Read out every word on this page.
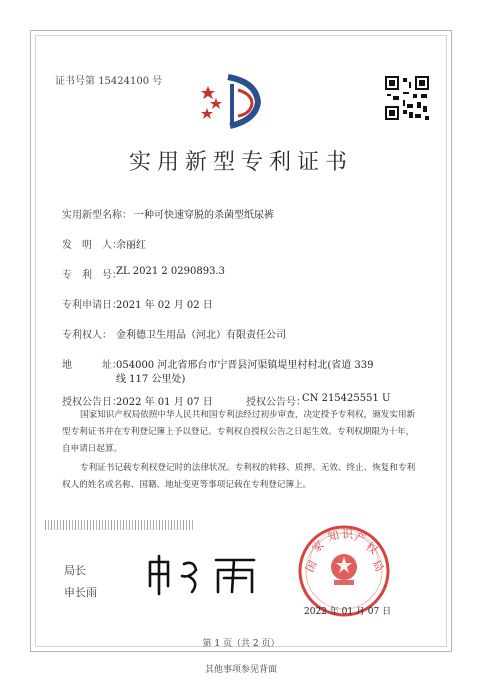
证书号第 15424100 号
实用新型专利证书
实用新型名称： 一种可快速穿脱的杀菌型纸尿裤
发　明　人：
余丽红
专　利　号：
ZL 2021 2 0290893.3
专利申请日：
2021 年 02 月 02 日
专利权人： 金利德卫生用品（河北）有限责任公司
地　　　址：
054000 河北省邢台市宁晋县河渠镇堤里村村北(省道 339
线 117 公里处)
授权公告日：
2022 年 01 月 07 日	授权公告号：
CN 215425551 U
国家知识产权局依照中华人民共和国专利法经过初步审查，决定授予专利权，颁发实用新型专利证书并在专利登记簿上予以登记。专利权自授权公告之日起生效。专利权期限为十年，自申请日起算。
专利证书记载专利权登记时的法律状况。专利权的转移、质押、无效、终止、恢复和专利权人的姓名或名称、国籍、地址变更等事项记载在专利登记簿上。
局长
申长雨
国
家
知 识 产
权
局
2022 年 01 月 07 日
第 1 页（共 2 页）
其他事项参见背面
